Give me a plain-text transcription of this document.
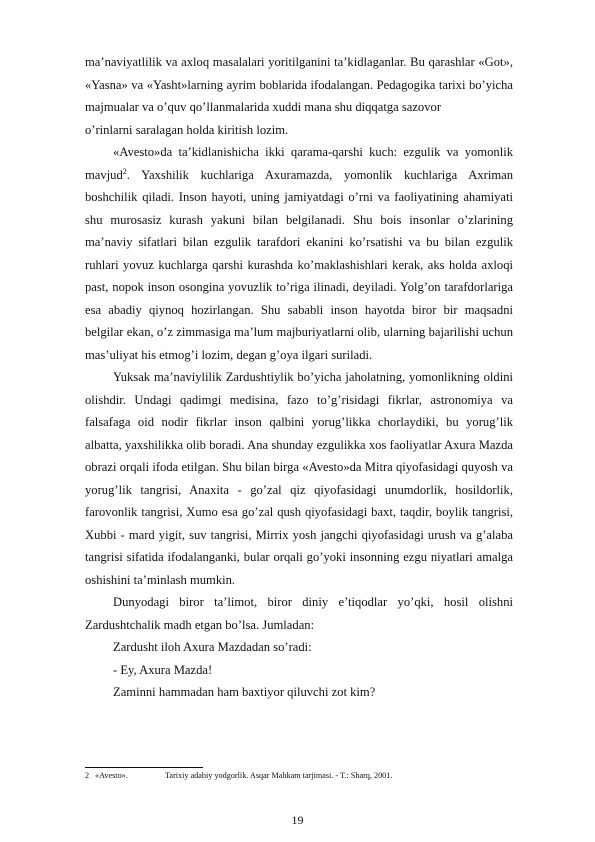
ma’naviyatlilik va axloq masalalari yoritilganini ta’kidlaganlar. Bu qarashlar «Got», «Yasna» va «Yasht»larning ayrim boblarida ifodalangan. Pedagogika tarixi bo’yicha majmualar va o’quv qo’llanmalarida xuddi mana shu diqqatga sazovor

o’rinlarni saralagan holda kiritish lozim.

«Avesto»da ta’kidlanishicha ikki qarama-qarshi kuch: ezgulik va yomonlik mavjud$^2$. Yaxshilik kuchlariga Axuramazda, yomonlik kuchlariga Axriman boshchilik qiladi. Inson hayoti, uning jamiyatdagi o’rni va faoliyatining ahamiyati shu murosasiz kurash yakuni bilan belgilanadi. Shu bois insonlar o’zlarining ma’naviy sifatlari bilan ezgulik tarafdori ekanini ko’rsatishi va bu bilan ezgulik ruhlari yovuz kuchlarga qarshi kurashda ko’maklashishlari kerak, aks holda axloqi past, nopok inson osongina yovuzlik to’riga ilinadi, deyiladi. Yolg’on tarafdorlariga esa abadiy qiynoq hozirlangan. Shu sababli inson hayotda biror bir maqsadni belgilar ekan, o’z zimmasiga ma’lum majburiyatlarni olib, ularning bajarilishi uchun mas’uliyat his etmog’i lozim, degan g’oya ilgari suriladi.

Yuksak ma’naviylilik Zardushtiylik bo’yicha jaholatning, yomonlikning oldini olishdir. Undagi qadimgi medisina, fazo to’g’risidagi fikrlar, astronomiya va falsafaga oid nodir fikrlar inson qalbini yorug’likka chorlaydiki, bu yorug’lik albatta, yaxshilikka olib boradi. Ana shunday ezgulikka xos faoliyatlar Axura Mazda obrazi orqali ifoda etilgan. Shu bilan birga «Avesto»da Mitra qiyofasidagi quyosh va yorug’lik tangrisi, Anaxita - go’zal qiz qiyofasidagi unumdorlik, hosildorlik, farovonlik tangrisi, Xumo esa go’zal qush qiyofasidagi baxt, taqdir, boylik tangrisi, Xubbi - mard yigit, suv tangrisi, Mirrix yosh jangchi qiyofasidagi urush va g’alaba tangrisi sifatida ifodalanganki, bular orqali go’yoki insonning ezgu niyatlari amalga oshishini ta’minlash mumkin.

Dunyodagi biror ta’limot, biror diniy e’tiqodlar yo’qki, hosil olishni Zardushtchalik madh etgan bo’lsa. Jumladan:

Zardusht iloh Axura Mazdadan so’radi:

- Ey, Axura Mazda!

Zaminni hammadan ham baxtiyor qiluvchi zot kim?

2 «Avesto».	Tarixiy adabiy yodgorlik. Asqar Mahkam tarjimasi. - T.: Sharq, 2001.
19
